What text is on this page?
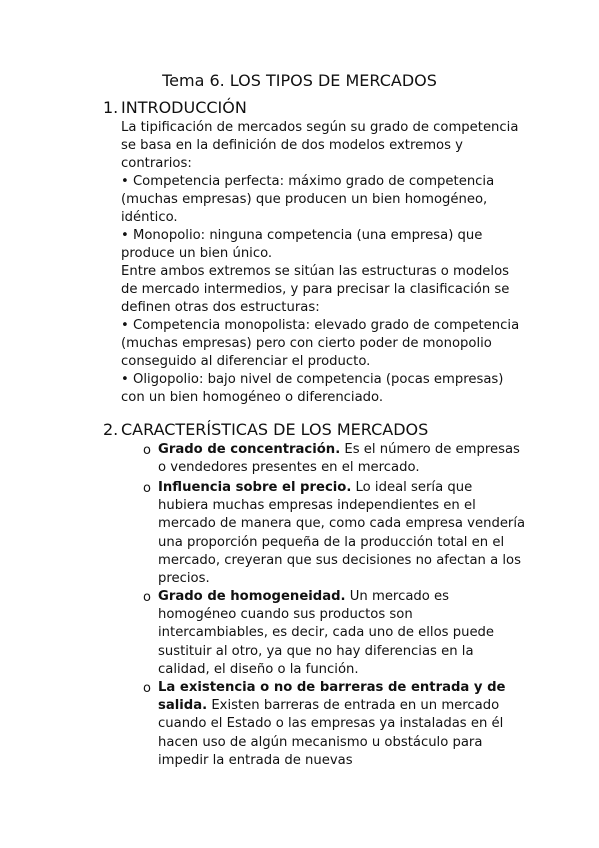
Tema 6. LOS TIPOS DE MERCADOS
1. INTRODUCCIÓN

La tipificación de mercados según su grado de competencia se basa en la definición de dos modelos extremos y contrarios:

• Competencia perfecta: máximo grado de competencia (muchas empresas) que producen un bien homogéneo, idéntico.

• Monopolio: ninguna competencia (una empresa) que produce un bien único.

Entre ambos extremos se sitúan las estructuras o modelos de mercado intermedios, y para precisar la clasificación se definen otras dos estructuras:

• Competencia monopolista: elevado grado de competencia (muchas empresas) pero con cierto poder de monopolio conseguido al diferenciar el producto.

• Oligopolio: bajo nivel de competencia (pocas empresas) con un bien homogéneo o diferenciado.

2. CARACTERÍSTICAS DE LOS MERCADOS
o Grado de concentración. Es el número de empresas o vendedores presentes en el mercado.
o Influencia sobre el precio. Lo ideal sería que hubiera muchas empresas independientes en el mercado de manera que, como cada empresa vendería una proporción pequeña de la producción total en el mercado, creyeran que sus decisiones no afectan a los precios.
o Grado de homogeneidad. Un mercado es homogéneo cuando sus productos son intercambiables, es decir, cada uno de ellos puede sustituir al otro, ya que no hay diferencias en la calidad, el diseño o la función.
o La existencia o no de barreras de entrada y de salida. Existen barreras de entrada en un mercado cuando el Estado o las empresas ya instaladas en él hacen uso de algún mecanismo u obstáculo para impedir la entrada de nuevas
